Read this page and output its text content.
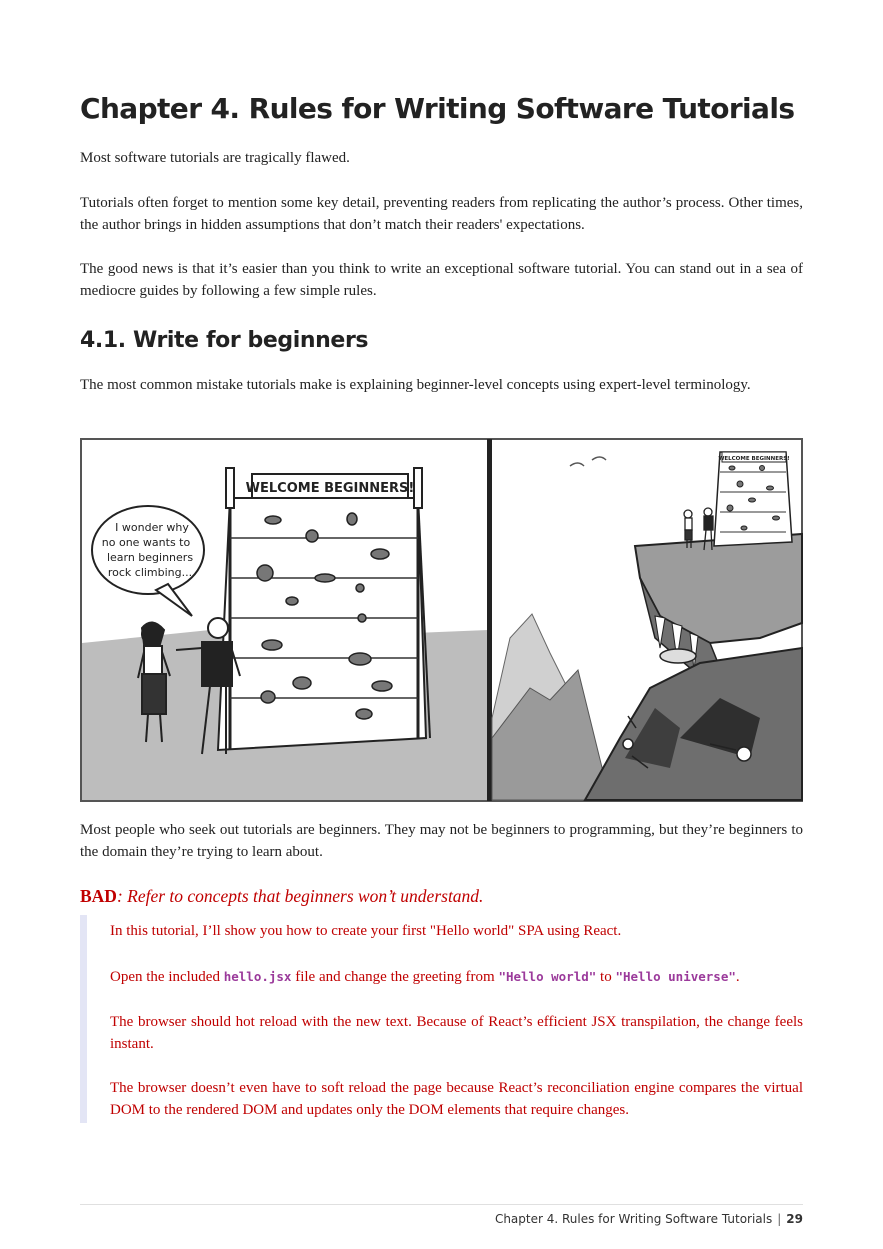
Chapter 4. Rules for Writing Software Tutorials

Most software tutorials are tragically flawed.

Tutorials often forget to mention some key detail, preventing readers from replicating the author’s process. Other times, the author brings in hidden assumptions that don’t match their readers' expectations.

The good news is that it’s easier than you think to write an exceptional software tutorial. You can stand out in a sea of mediocre guides by following a few simple rules.

4.1. Write for beginners

The most common mistake tutorials make is explaining beginner-level concepts using expert-level terminology.

WELCOME BEGINNERS!
I wonder why
no one wants to
learn beginners
rock climbing...
WELCOME BEGINNERS!

Most people who seek out tutorials are beginners. They may not be beginners to programming, but they’re beginners to the domain they’re trying to learn about.

BAD: Refer to concepts that beginners won’t understand.

In this tutorial, I’ll show you how to create your first "Hello world" SPA using React.

Open the included hello.jsx file and change the greeting from "Hello world" to "Hello universe".

The browser should hot reload with the new text. Because of React’s efficient JSX transpilation, the change feels instant.

The browser doesn’t even have to soft reload the page because React’s reconciliation engine compares the virtual DOM to the rendered DOM and updates only the DOM elements that require changes.

Chapter 4. Rules for Writing Software Tutorials | 29
